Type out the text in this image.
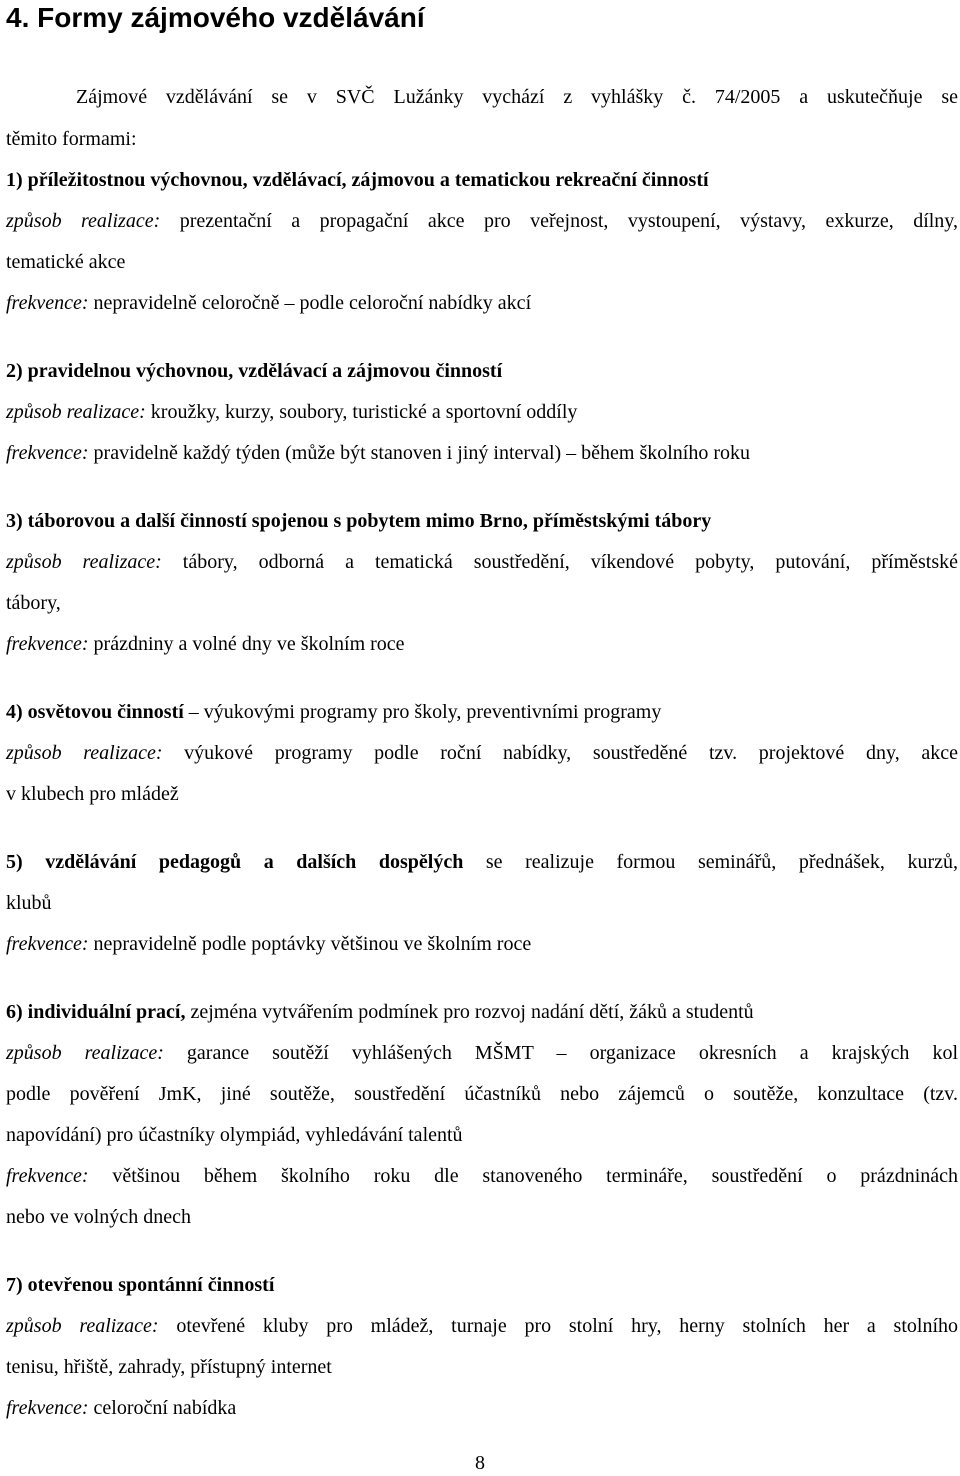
4. Formy zájmového vzdělávání
Zájmové vzdělávání se v SVČ Lužánky vychází z vyhlášky č. 74/2005 a uskutečňuje se
těmito formami:
1) příležitostnou výchovnou, vzdělávací, zájmovou a tematickou rekreační činností
způsob realizace: prezentační a propagační akce pro veřejnost, vystoupení, výstavy, exkurze, dílny,
tematické akce
frekvence: nepravidelně celoročně – podle celoroční nabídky akcí
2) pravidelnou výchovnou, vzdělávací a zájmovou činností
způsob realizace: kroužky, kurzy, soubory, turistické a sportovní oddíly
frekvence: pravidelně každý týden (může být stanoven i jiný interval) – během školního roku
3) táborovou a další činností spojenou s pobytem mimo Brno, příměstskými tábory
způsob realizace: tábory, odborná a tematická soustředění, víkendové pobyty, putování, příměstské
tábory,
frekvence: prázdniny a volné dny ve školním roce
4) osvětovou činností – výukovými programy pro školy, preventivními programy
způsob realizace: výukové programy podle roční nabídky, soustředěné tzv. projektové dny, akce
v klubech pro mládež
5) vzdělávání pedagogů a dalších dospělých se realizuje formou seminářů, přednášek, kurzů,
klubů
frekvence: nepravidelně podle poptávky většinou ve školním roce
6) individuální prací, zejména vytvářením podmínek pro rozvoj nadání dětí, žáků a studentů
způsob realizace: garance soutěží vyhlášených MŠMT – organizace okresních a krajských kol
podle pověření JmK, jiné soutěže, soustředění účastníků nebo zájemců o soutěže, konzultace (tzv.
napovídání) pro účastníky olympiád, vyhledávání talentů
frekvence: většinou během školního roku dle stanoveného termináře, soustředění o prázdninách
nebo ve volných dnech
7) otevřenou spontánní činností
způsob realizace: otevřené kluby pro mládež, turnaje pro stolní hry, herny stolních her a stolního
tenisu, hřiště, zahrady, přístupný internet
frekvence: celoroční nabídka
8
